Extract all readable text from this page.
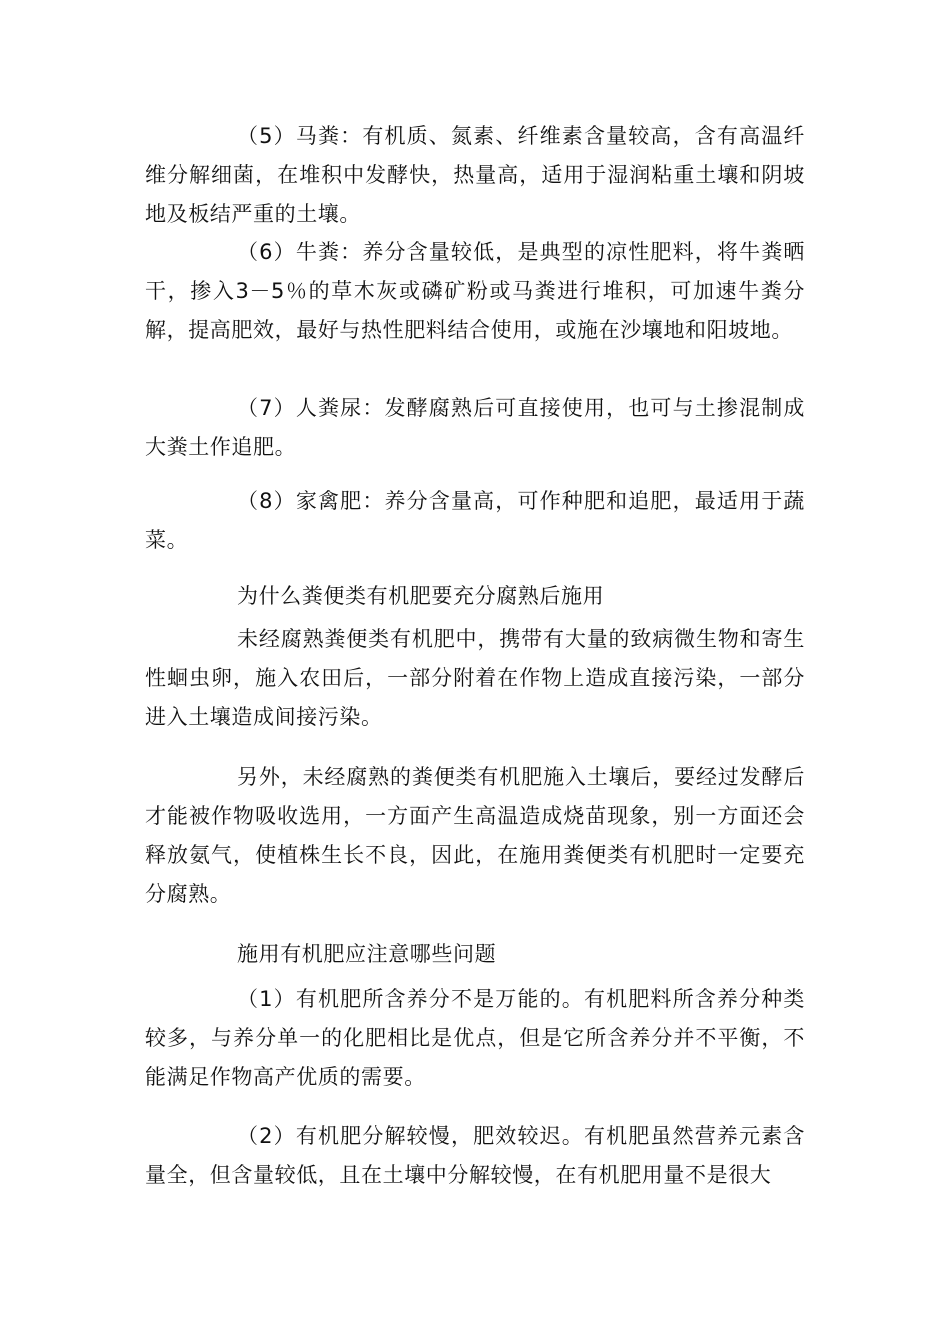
（5）马粪：有机质、氮素、纤维素含量较高，含有高温纤维分解细菌，在堆积中发酵快，热量高，适用于湿润粘重土壤和阴坡地及板结严重的土壤。

（6）牛粪：养分含量较低，是典型的凉性肥料，将牛粪晒干，掺入3－5％的草木灰或磷矿粉或马粪进行堆积，可加速牛粪分解，提高肥效，最好与热性肥料结合使用，或施在沙壤地和阳坡地。

（7）人粪尿：发酵腐熟后可直接使用，也可与土掺混制成大粪土作追肥。

（8）家禽肥：养分含量高，可作种肥和追肥，最适用于蔬菜。

为什么粪便类有机肥要充分腐熟后施用

未经腐熟粪便类有机肥中，携带有大量的致病微生物和寄生性蛔虫卵，施入农田后，一部分附着在作物上造成直接污染，一部分进入土壤造成间接污染。

另外，未经腐熟的粪便类有机肥施入土壤后，要经过发酵后才能被作物吸收选用，一方面产生高温造成烧苗现象，别一方面还会释放氨气，使植株生长不良，因此，在施用粪便类有机肥时一定要充分腐熟。

施用有机肥应注意哪些问题

（1）有机肥所含养分不是万能的。有机肥料所含养分种类较多，与养分单一的化肥相比是优点，但是它所含养分并不平衡，不能满足作物高产优质的需要。

（2）有机肥分解较慢，肥效较迟。有机肥虽然营养元素含量全，但含量较低，且在土壤中分解较慢，在有机肥用量不是很大
